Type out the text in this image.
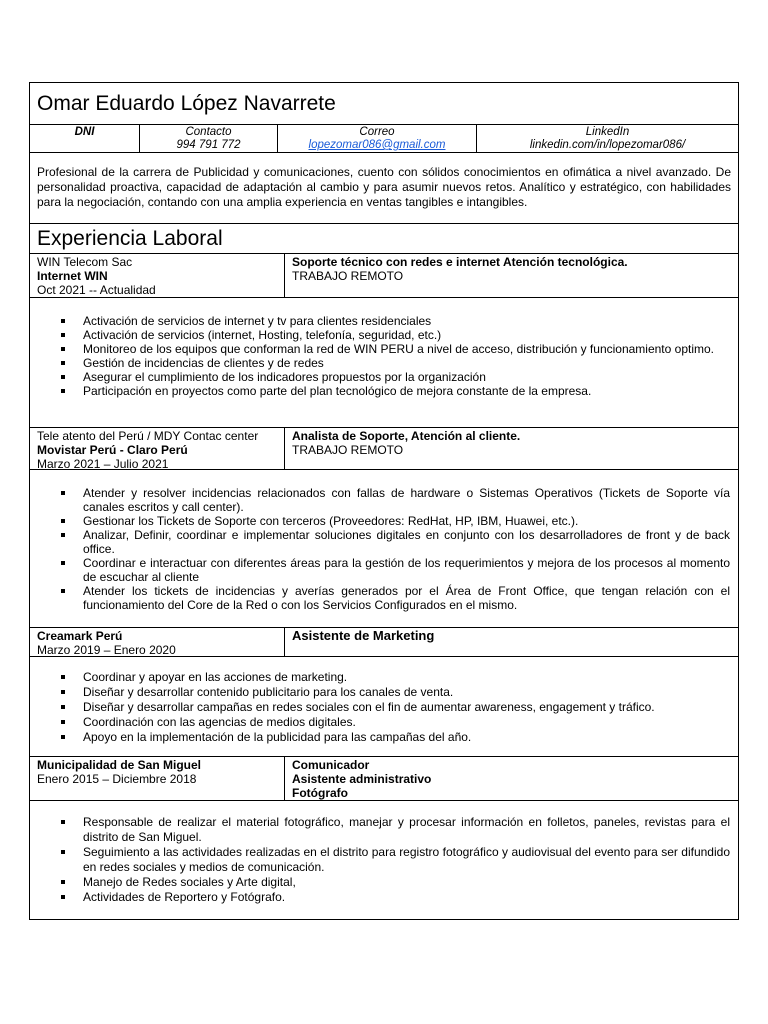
Omar Eduardo López Navarrete
DNI	Contacto
994 791 772
Correo
lopezomar086@gmail.com
LinkedIn
linkedin.com/in/lopezomar086/
Profesional de la carrera de Publicidad y comunicaciones, cuento con sólidos conocimientos en ofimática a nivel avanzado. De personalidad proactiva, capacidad de adaptación al cambio y para asumir nuevos retos. Analítico y estratégico, con habilidades para la negociación, contando con una amplia experiencia en ventas tangibles e intangibles.
Experiencia Laboral
WIN Telecom Sac
Internet WIN
Oct 2021 -- Actualidad
Soporte técnico con redes e internet Atención tecnológica.
TRABAJO REMOTO
Activación de servicios de internet y tv para clientes residenciales
Activación de servicios (internet, Hosting, telefonía, seguridad, etc.)
Monitoreo de los equipos que conforman la red de WIN PERU a nivel de acceso, distribución y funcionamiento optimo.
Gestión de incidencias de clientes y de redes
Asegurar el cumplimiento de los indicadores propuestos por la organización
Participación en proyectos como parte del plan tecnológico de mejora constante de la empresa.
Tele atento del Perú / MDY Contac center
Movistar Perú - Claro Perú
Marzo 2021 – Julio 2021
Analista de Soporte, Atención al cliente.
TRABAJO REMOTO
Atender y resolver incidencias relacionados con fallas de hardware o Sistemas Operativos (Tickets de Soporte vía canales escritos y call center).
Gestionar los Tickets de Soporte con terceros (Proveedores: RedHat, HP, IBM, Huawei, etc.).
Analizar, Definir, coordinar e implementar soluciones digitales en conjunto con los desarrolladores de front y de back office.
Coordinar e interactuar con diferentes áreas para la gestión de los requerimientos y mejora de los procesos al momento de escuchar al cliente
Atender los tickets de incidencias y averías generados por el Área de Front Office, que tengan relación con el funcionamiento del Core de la Red o con los Servicios Configurados en el mismo.
Creamark Perú
Marzo 2019 – Enero 2020
Asistente de Marketing
Coordinar y apoyar en las acciones de marketing.
Diseñar y desarrollar contenido publicitario para los canales de venta.
Diseñar y desarrollar campañas en redes sociales con el fin de aumentar awareness, engagement y tráfico.
Coordinación con las agencias de medios digitales.
Apoyo en la implementación de la publicidad para las campañas del año.
Municipalidad de San Miguel
Enero 2015 – Diciembre 2018
Comunicador
Asistente administrativo
Fotógrafo
Responsable de realizar el material fotográfico, manejar y procesar información en folletos, paneles, revistas para el distrito de San Miguel.
Seguimiento a las actividades realizadas en el distrito para registro fotográfico y audiovisual del evento para ser difundido en redes sociales y medios de comunicación.
Manejo de Redes sociales y Arte digital,
Actividades de Reportero y Fotógrafo.
